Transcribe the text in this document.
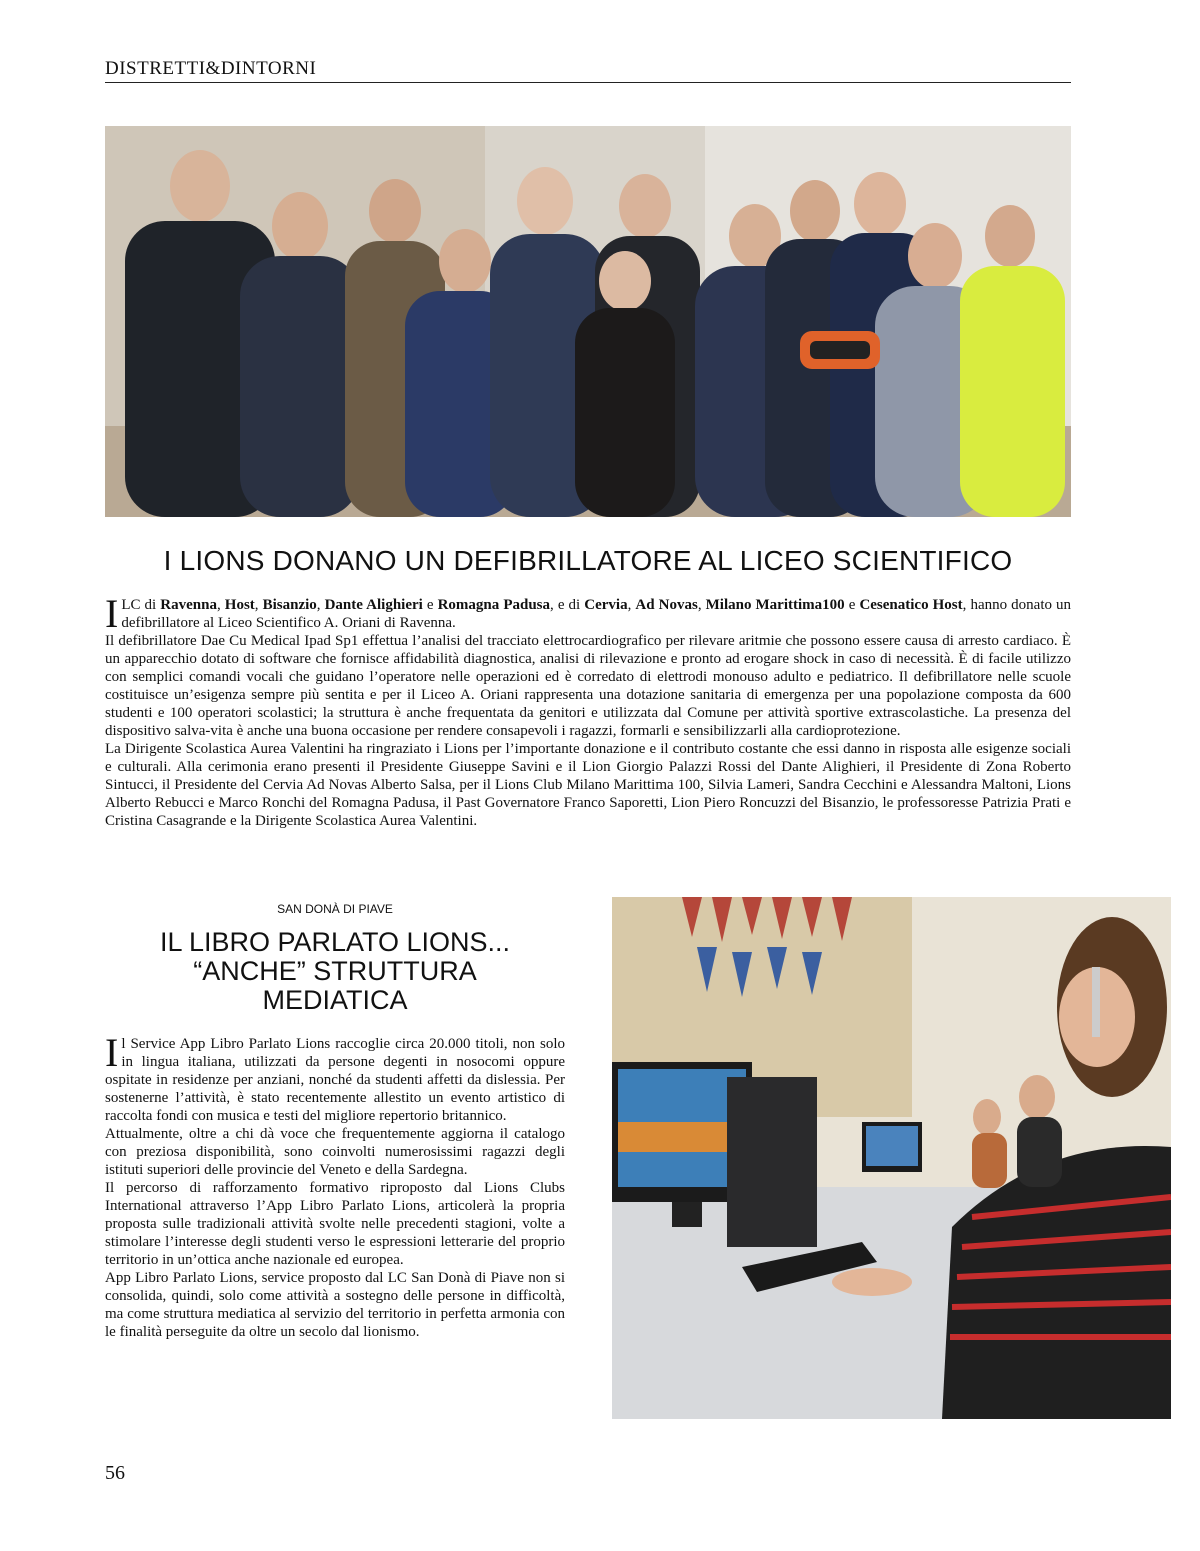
DISTRETTI&DINTORNI
I LIONS DONANO UN DEFIBRILLATORE AL LICEO SCIENTIFICO

ILC di Ravenna, Host, Bisanzio, Dante Alighieri e Romagna Padusa, e di Cervia, Ad Novas, Milano Marittima100 e Cesenatico Host, hanno donato un defibrillatore al Liceo Scientifico A. Oriani di Ravenna.

Il defibrillatore Dae Cu Medical Ipad Sp1 effettua l’analisi del tracciato elettrocardiografico per rilevare aritmie che possono essere causa di arresto cardiaco. È un apparecchio dotato di software che fornisce affidabilità diagnostica, analisi di rilevazione e pronto ad erogare shock in caso di necessità. È di facile utilizzo con semplici comandi vocali che guidano l’operatore nelle operazioni ed è corredato di elettrodi monouso adulto e pediatrico. Il defibrillatore nelle scuole costituisce un’esigenza sempre più sentita e per il Liceo A. Oriani rappresenta una dotazione sanitaria di emergenza per una popolazione composta da 600 studenti e 100 operatori scolastici; la struttura è anche frequentata da genitori e utilizzata dal Comune per attività sportive extrascolastiche. La presenza del dispositivo salva-vita è anche una buona occasione per rendere consapevoli i ragazzi, formarli e sensibilizzarli alla cardioprotezione.

La Dirigente Scolastica Aurea Valentini ha ringraziato i Lions per l’importante donazione e il contributo costante che essi danno in risposta alle esigenze sociali e culturali. Alla cerimonia erano presenti il Presidente Giuseppe Savini e il Lion Giorgio Palazzi Rossi del Dante Alighieri, il Presidente di Zona Roberto Sintucci, il Presidente del Cervia Ad Novas Alberto Salsa, per il Lions Club Milano Marittima 100, Silvia Lameri, Sandra Cecchini e Alessandra Maltoni, Lions Alberto Rebucci e Marco Ronchi del Romagna Padusa, il Past Governatore Franco Saporetti, Lion Piero Roncuzzi del Bisanzio, le professoresse Patrizia Prati e Cristina Casagrande e la Dirigente Scolastica Aurea Valentini.

SAN DONÀ DI PIAVE
IL LIBRO PARLATO LIONS...
“ANCHE” STRUTTURA
MEDIATICA

Il Service App Libro Parlato Lions raccoglie circa 20.000 titoli, non solo in lingua italiana, utilizzati da persone degenti in nosocomi oppure ospitate in residenze per anziani, nonché da studenti affetti da dislessia. Per sostenerne l’attività, è stato recentemente allestito un evento artistico di raccolta fondi con musica e testi del migliore repertorio britannico.

Attualmente, oltre a chi dà voce che frequentemente aggiorna il catalogo con preziosa disponibilità, sono coinvolti numerosissimi ragazzi degli istituti superiori delle provincie del Veneto e della Sardegna.

Il percorso di rafforzamento formativo riproposto dal Lions Clubs International attraverso l’App Libro Parlato Lions, articolerà la propria proposta sulle tradizionali attività svolte nelle precedenti stagioni, volte a stimolare l’interesse degli studenti verso le espressioni letterarie del proprio territorio in un’ottica anche nazionale ed europea.

App Libro Parlato Lions, service proposto dal LC San Donà di Piave non si consolida, quindi, solo come attività a sostegno delle persone in difficoltà, ma come struttura mediatica al servizio del territorio in perfetta armonia con le finalità perseguite da oltre un secolo dal lionismo.

56
